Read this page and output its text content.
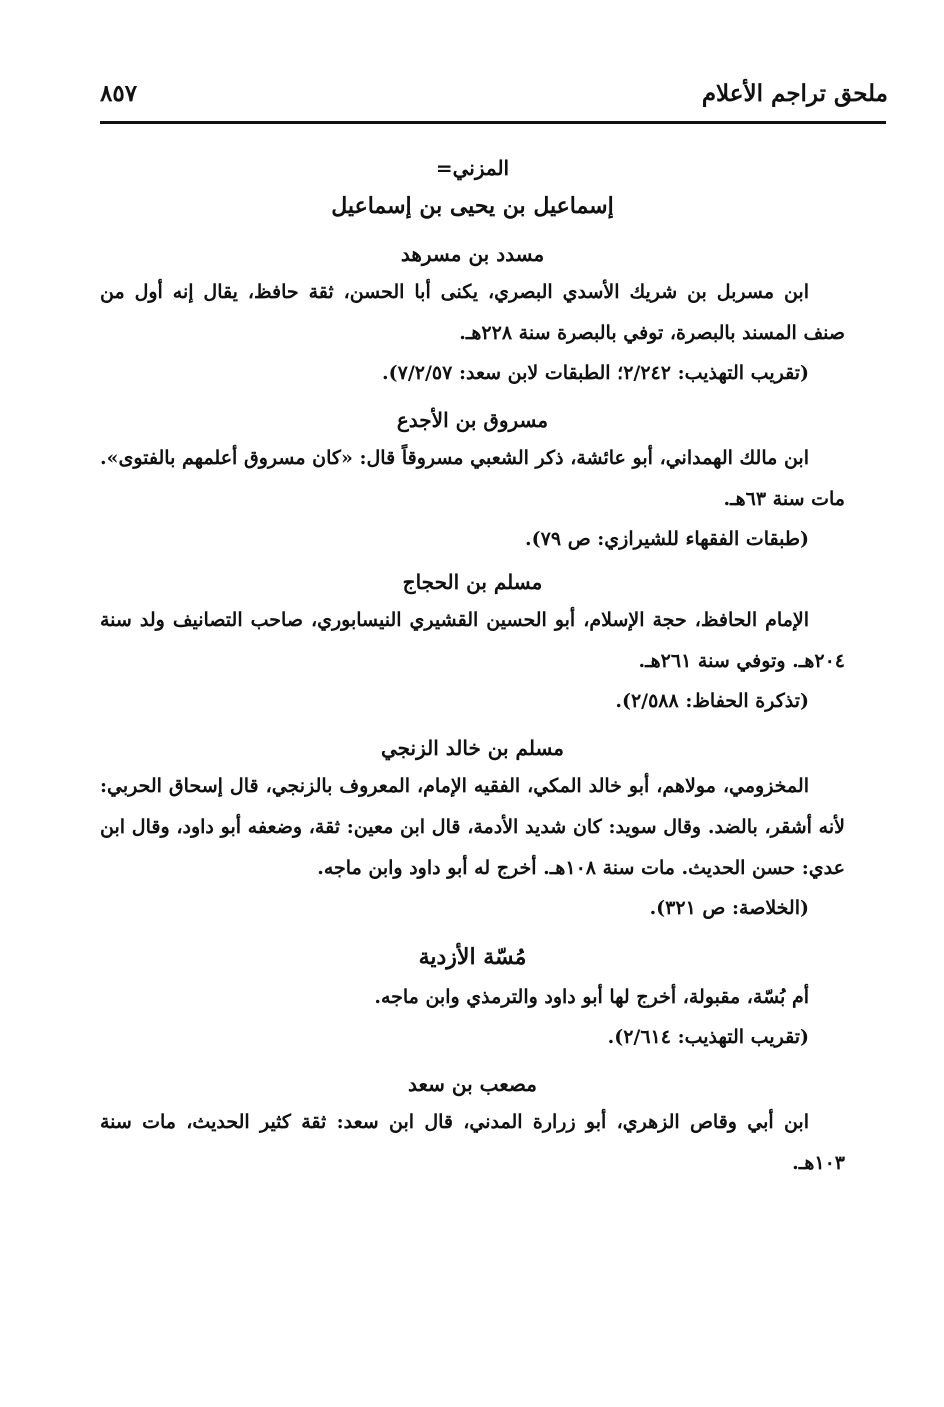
ملحق تراجم الأعلام
٨٥٧

المزني=

إسماعيل بن يحيى بن إسماعيل

مسدد بن مسرهد

ابن مسربل بن شريك الأسدي البصري، يكنى أبا الحسن، ثقة حافظ، يقال إنه أول من صنف المسند بالبصرة، توفي بالبصرة سنة ٢٢٨هـ.

(تقريب التهذيب: ٢/٢٤٢؛ الطبقات لابن سعد: ٧/٢/٥٧).

مسروق بن الأجدع

ابن مالك الهمداني، أبو عائشة، ذكر الشعبي مسروقاً قال: «كان مسروق أعلمهم بالفتوى». مات سنة ٦٣هـ.

(طبقات الفقهاء للشيرازي: ص ٧٩).

مسلم بن الحجاج

الإمام الحافظ، حجة الإسلام، أبو الحسين القشيري النيسابوري، صاحب التصانيف ولد سنة ٢٠٤هـ. وتوفي سنة ٢٦١هـ.

(تذكرة الحفاظ: ٢/٥٨٨).

مسلم بن خالد الزنجي

المخزومي، مولاهم، أبو خالد المكي، الفقيه الإمام، المعروف بالزنجي، قال إسحاق الحربي: لأنه أشقر، بالضد. وقال سويد: كان شديد الأدمة، قال ابن معين: ثقة، وضعفه أبو داود، وقال ابن عدي: حسن الحديث. مات سنة ١٠٨هـ. أخرج له أبو داود وابن ماجه.

(الخلاصة: ص ٣٢١).

مُسّة الأزدية

أم بُسّة، مقبولة، أخرج لها أبو داود والترمذي وابن ماجه.

(تقريب التهذيب: ٢/٦١٤).

مصعب بن سعد

ابن أبي وقاص الزهري، أبو زرارة المدني، قال ابن سعد: ثقة كثير الحديث، مات سنة ١٠٣هـ.
